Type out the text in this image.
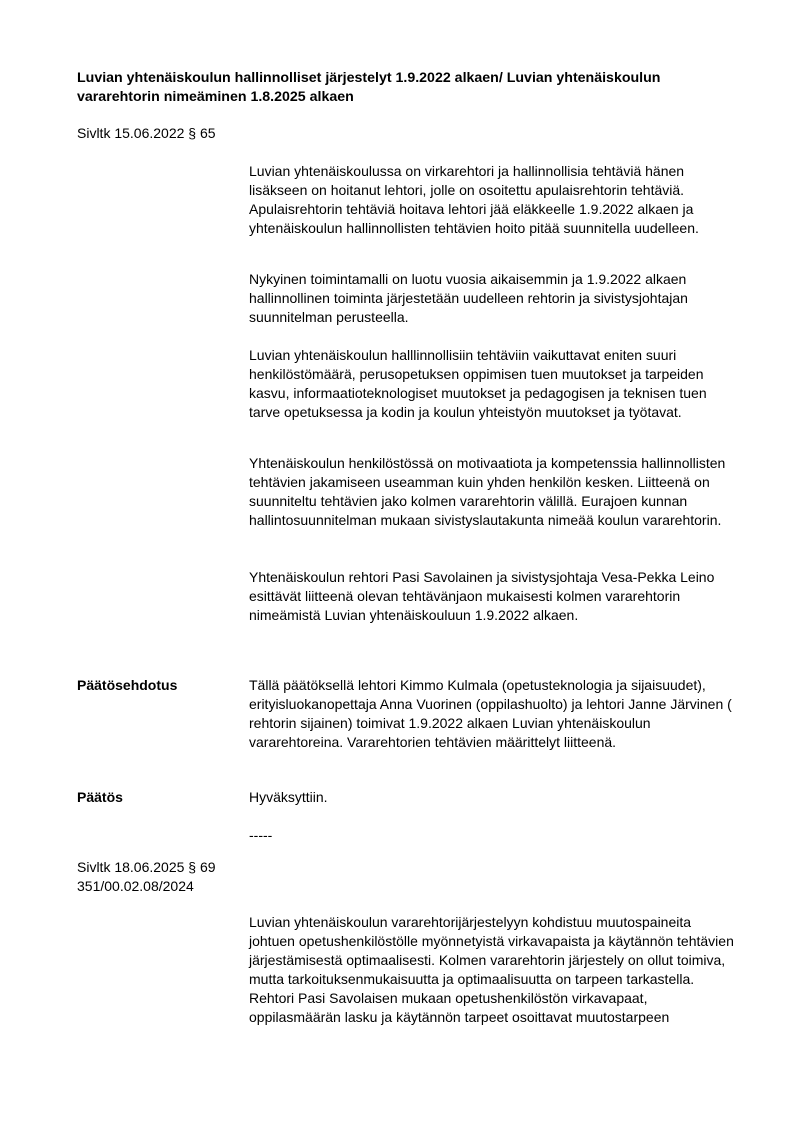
Luvian yhtenäiskoulun hallinnolliset järjestelyt 1.9.2022 alkaen/ Luvian yhtenäiskoulun vararehtorin nimeäminen 1.8.2025 alkaen

Sivltk 15.06.2022 § 65

Luvian yhtenäiskoulussa on virkarehtori ja hallinnollisia tehtäviä hänen lisäkseen on hoitanut lehtori, jolle on osoitettu apulaisrehtorin tehtäviä. Apulaisrehtorin tehtäviä hoitava lehtori jää eläkkeelle 1.9.2022 alkaen ja yhtenäiskoulun hallinnollisten tehtävien hoito pitää suunnitella uudelleen.

Nykyinen toimintamalli on luotu vuosia aikaisemmin ja 1.9.2022 alkaen hallinnollinen toiminta järjestetään uudelleen rehtorin ja sivistysjohtajan suunnitelman perusteella.

Luvian yhtenäiskoulun halllinnollisiin tehtäviin vaikuttavat eniten suuri henkilöstömäärä, perusopetuksen oppimisen tuen muutokset ja tarpeiden kasvu, informaatioteknologiset muutokset ja pedagogisen ja teknisen tuen tarve opetuksessa ja kodin ja koulun yhteistyön muutokset ja työtavat.

Yhtenäiskoulun henkilöstössä on motivaatiota ja kompetenssia hallinnollisten tehtävien jakamiseen useamman kuin yhden henkilön kesken. Liitteenä on suunniteltu tehtävien jako kolmen vararehtorin välillä. Eurajoen kunnan hallintosuunnitelman mukaan sivistyslautakunta nimeää koulun vararehtorin.

Yhtenäiskoulun rehtori Pasi Savolainen ja sivistysjohtaja Vesa-Pekka Leino esittävät liitteenä olevan tehtävänjaon mukaisesti kolmen vararehtorin nimeämistä Luvian yhtenäiskouluun 1.9.2022 alkaen.

Päätösehdotus	Tällä päätöksellä lehtori Kimmo Kulmala (opetusteknologia ja sijaisuudet), erityisluokanopettaja Anna Vuorinen (oppilashuolto) ja lehtori Janne Järvinen ( rehtorin sijainen) toimivat 1.9.2022 alkaen Luvian yhtenäiskoulun vararehtoreina. Vararehtorien tehtävien määrittelyt liitteenä.

Päätös	Hyväksyttiin.

-----

Sivltk 18.06.2025 § 69

351/00.02.08/2024

Luvian yhtenäiskoulun vararehtorijärjestelyyn kohdistuu muutospaineita johtuen opetushenkilöstölle myönnetyistä virkavapaista ja käytännön tehtävien järjestämisestä optimaalisesti. Kolmen vararehtorin järjestely on ollut toimiva, mutta tarkoituksenmukaisuutta ja optimaalisuutta on tarpeen tarkastella. Rehtori Pasi Savolaisen mukaan opetushenkilöstön virkavapaat, oppilasmäärän lasku ja käytännön tarpeet osoittavat muutostarpeen
